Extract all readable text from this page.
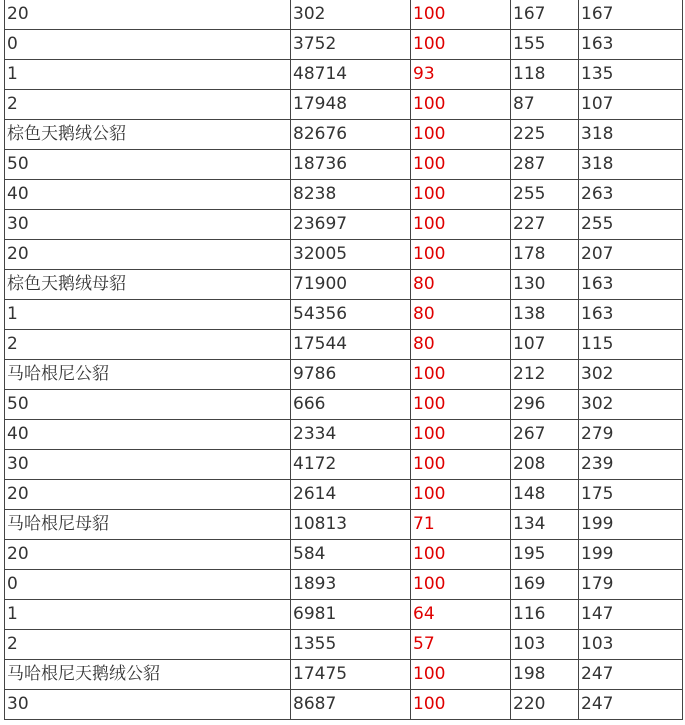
20	302	100	167	167
0	3752	100	155	163
1	48714	93	118	135
2	17948	100	87	107
棕色天鹅绒公貂	82676	100	225	318
50	18736	100	287	318
40	8238	100	255	263
30	23697	100	227	255
20	32005	100	178	207
棕色天鹅绒母貂	71900	80	130	163
1	54356	80	138	163
2	17544	80	107	115
马哈根尼公貂	9786	100	212	302
50	666	100	296	302
40	2334	100	267	279
30	4172	100	208	239
20	2614	100	148	175
马哈根尼母貂	10813	71	134	199
20	584	100	195	199
0	1893	100	169	179
1	6981	64	116	147
2	1355	57	103	103
马哈根尼天鹅绒公貂	17475	100	198	247
30	8687	100	220	247
